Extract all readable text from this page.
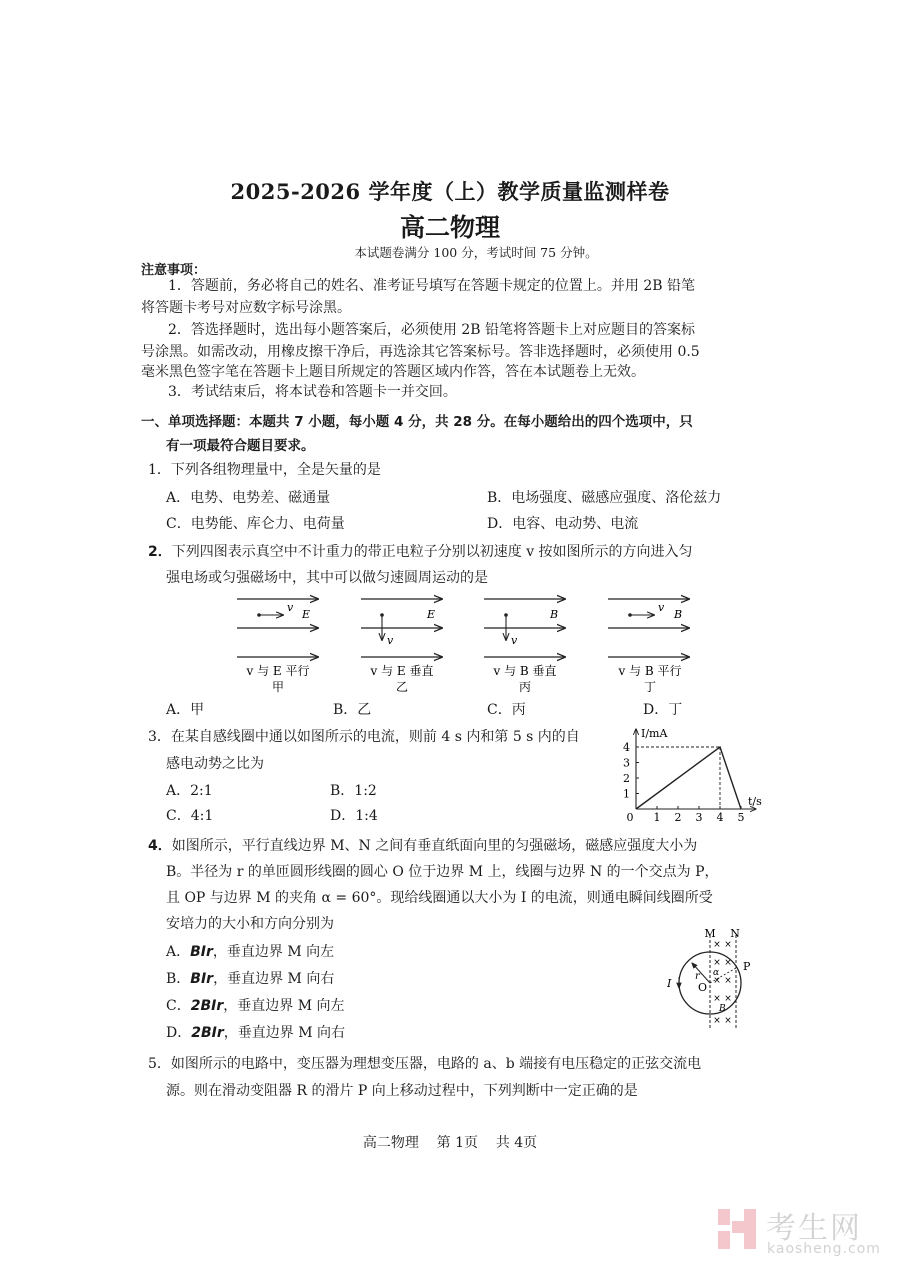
2025-2026 学年度（上）教学质量监测样卷
高二物理
本试题卷满分 100 分，考试时间 75 分钟。
注意事项：
1．答题前，务必将自己的姓名、准考证号填写在答题卡规定的位置上。并用 2B 铅笔
将答题卡考号对应数字标号涂黑。
2．答选择题时，选出每小题答案后，必须使用 2B 铅笔将答题卡上对应题目的答案标
号涂黑。如需改动，用橡皮擦干净后，再选涂其它答案标号。答非选择题时，必须使用 0.5
毫米黑色签字笔在答题卡上题目所规定的答题区域内作答，答在本试题卷上无效。
3．考试结束后，将本试卷和答题卡一并交回。
一、单项选择题：本题共 7 小题，每小题 4 分，共 28 分。在每小题给出的四个选项中，只
有一项最符合题目要求。
1．下列各组物理量中，全是矢量的是
A．电势、电势差、磁通量	B．电场强度、磁感应强度、洛伦兹力
C．电势能、库仑力、电荷量	D．电容、电动势、电流
2．下列四图表示真空中不计重力的带正电粒子分别以初速度 v 按如图所示的方向进入匀
强电场或匀强磁场中，其中可以做匀速圆周运动的是
v
E
v 与 E 平行
甲
v
E
v 与 E 垂直
乙
v
B
v 与 B 垂直
丙
v
B
v 与 B 平行
丁
A．甲	B．乙	C．丙	D．丁
3．在某自感线圈中通以如图所示的电流，则前 4 s 内和第 5 s 内的自
感电动势之比为
A．2:1	B．1:2
C．4:1	D．1:4
I/mA
t/s
0 1 2 3 4 5
1
2
3
4
4．如图所示，平行直线边界 M、N 之间有垂直纸面向里的匀强磁场，磁感应强度大小为
B。半径为 r 的单匝圆形线圈的圆心 O 位于边界 M 上，线圈与边界 N 的一个交点为 P，
且 OP 与边界 M 的夹角 α = 60°。现给线圈通以大小为 I 的电流，则通电瞬间线圈所受
安培力的大小和方向分别为
A．BIr，垂直边界 M 向左
B．BIr，垂直边界 M 向右
C．2BIr，垂直边界 M 向左
D．2BIr，垂直边界 M 向右
M N
P
O
r α
B
I
× ×
× ×
× ×
× ×
× ×
5．如图所示的电路中，变压器为理想变压器，电路的 a、b 端接有电压稳定的正弦交流电
源。则在滑动变阻器 R 的滑片 P 向上移动过程中，下列判断中一定正确的是
高二物理 第 1页 共 4页
考生网
kaosheng.com
